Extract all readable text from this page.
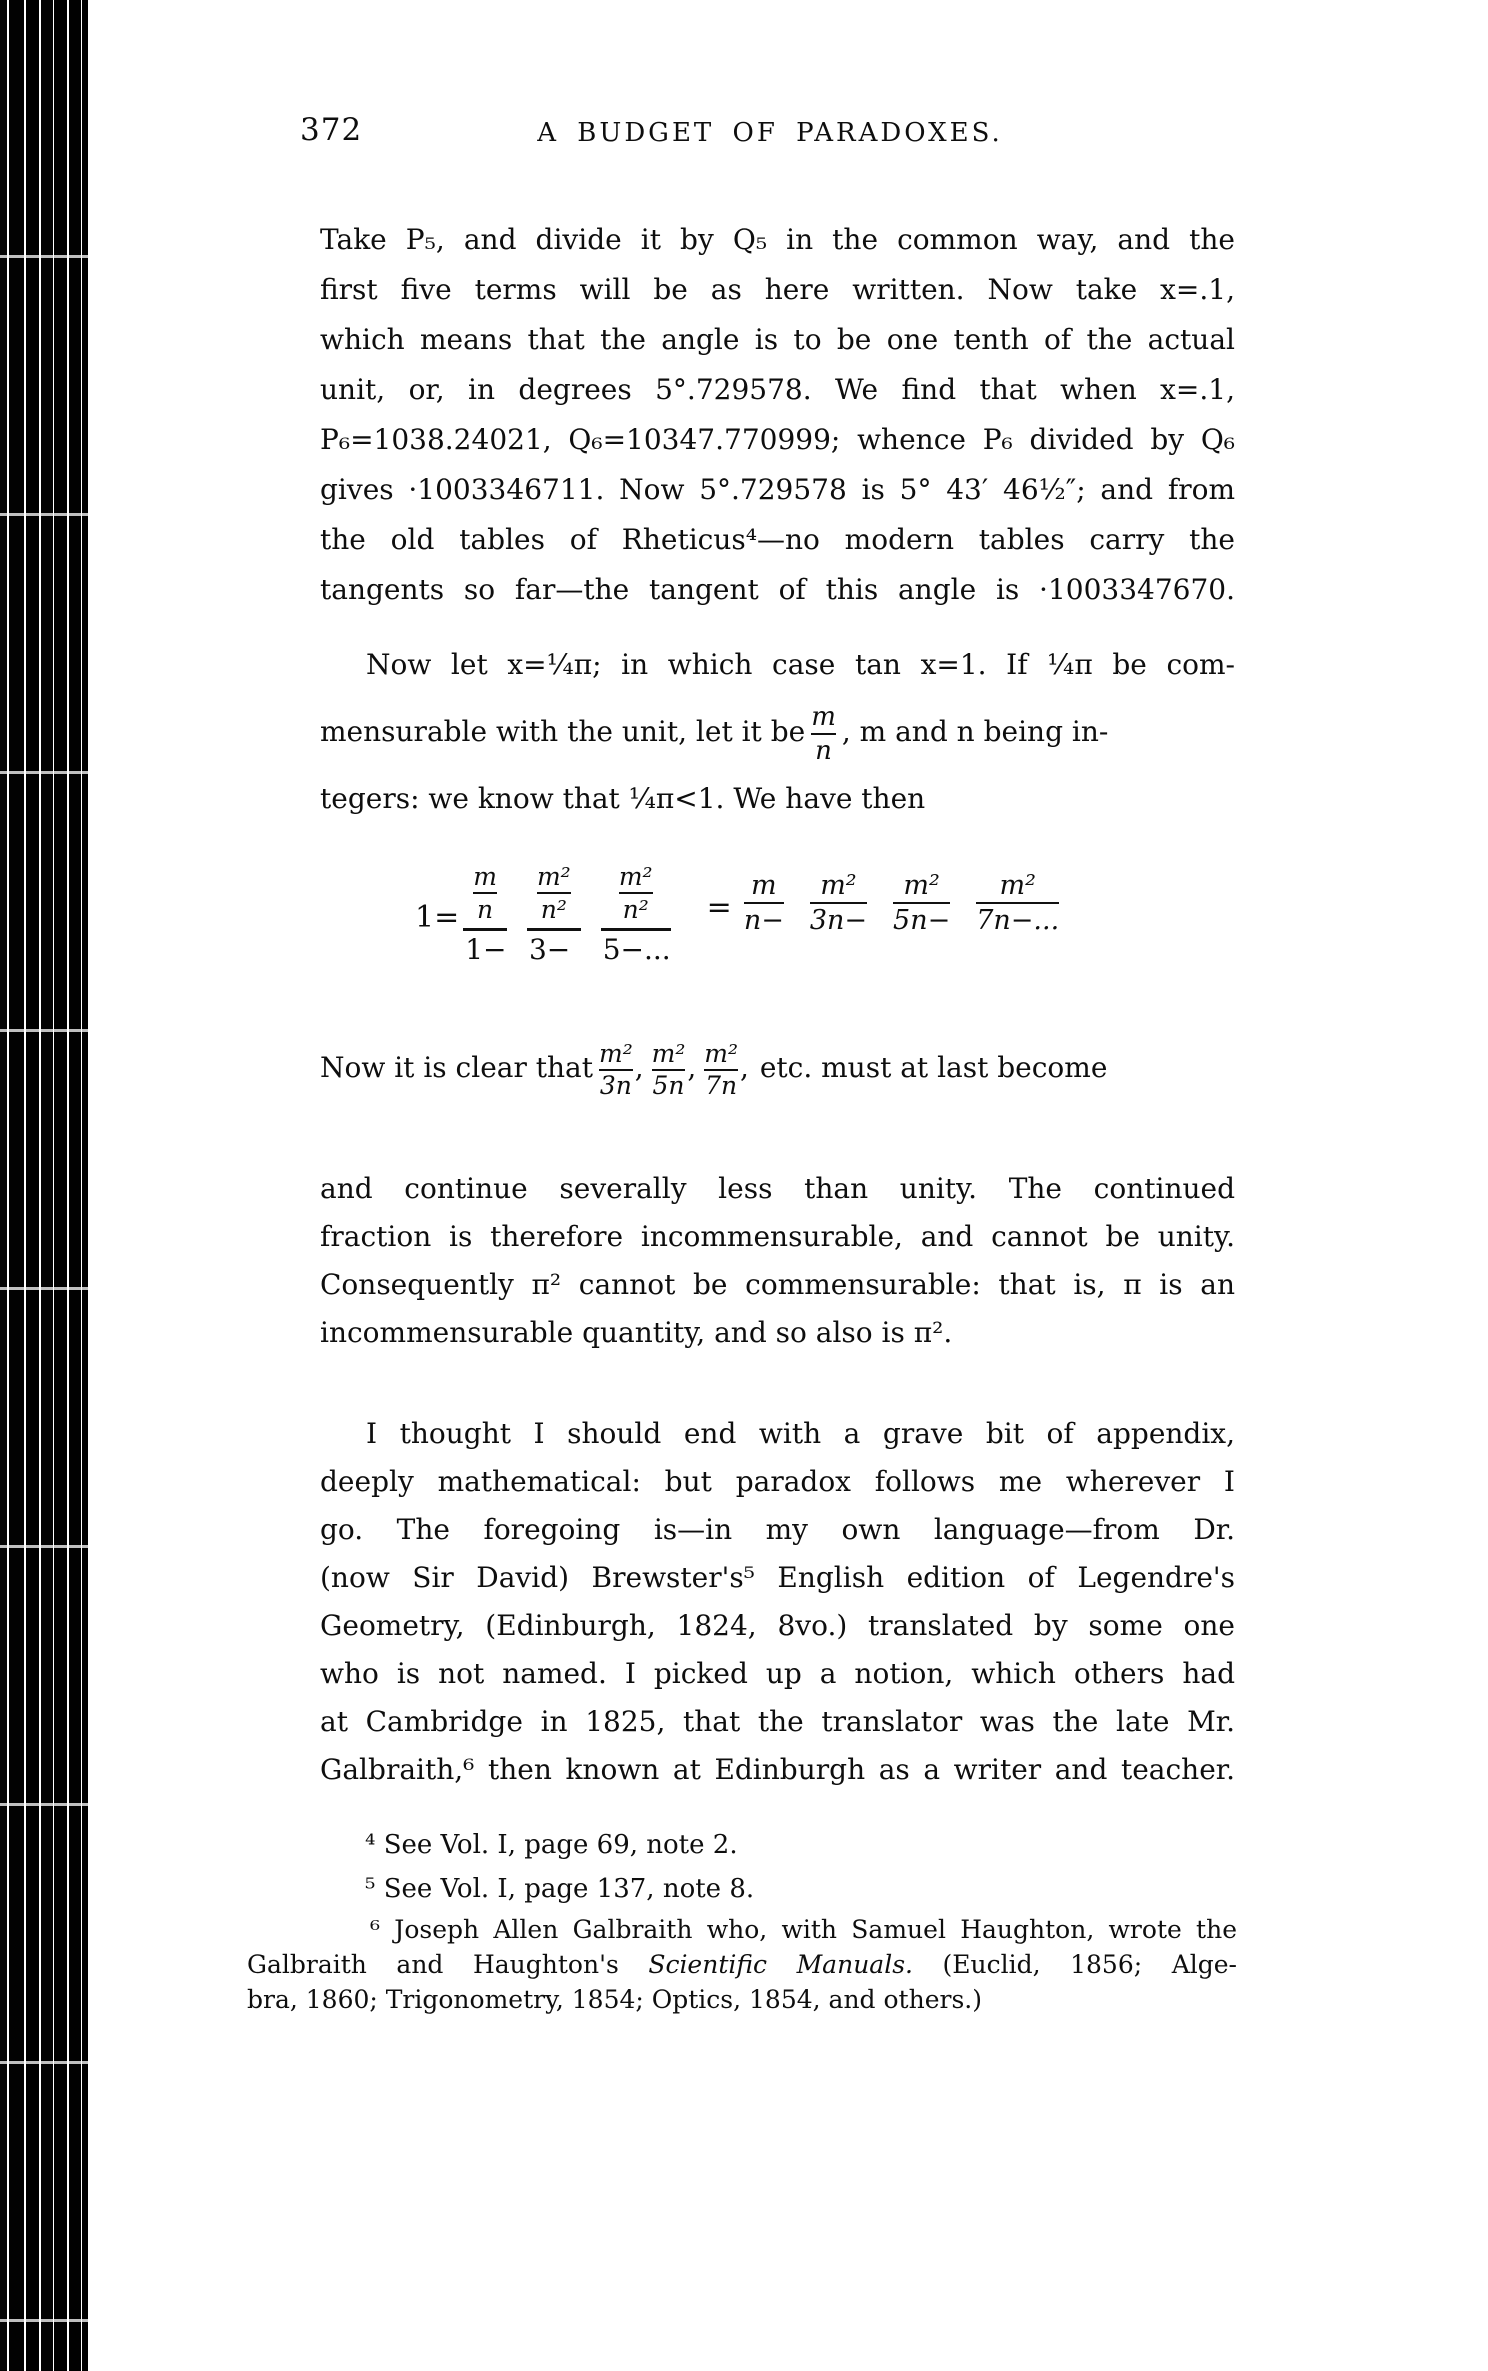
372	A BUDGET OF PARADOXES.
Take P₅, and divide it by Q₅ in the common way, and the
first five terms will be as here written. Now take x=.1,
which means that the angle is to be one tenth of the actual
unit, or, in degrees 5°.729578. We find that when x=.1,
P₆=1038.24021, Q₆=10347.770999; whence P₆ divided by Q₆
gives ·1003346711. Now 5°.729578 is 5° 43′ 46½″; and from
the old tables of Rheticus⁴—no modern tables carry the
tangents so far—the tangent of this angle is ·1003347670.
Now let x=¼π; in which case tan x=1. If ¼π be com-
mensurable with the unit, let it be $\frac{m}{n}$ , m and n being in-
tegers: we know that ¼π<1. We have then
1=
m
n
1−
m²
n²
3−
m²
n²
5−...
= $\frac{m}{n-} \frac{\text{m²}}{3n-} \frac{\text{m²}}{5n-} \frac{\text{m²}}{7n-...}$
Now it is clear that $\frac{\text{m²}}{3n}$ , $\frac{\text{m²}}{5n}$ , $\frac{\text{m²}}{7n}$ , etc. must at last become
and continue severally less than unity. The continued
fraction is therefore incommensurable, and cannot be unity.
Consequently π² cannot be commensurable: that is, π is an
incommensurable quantity, and so also is π².
I thought I should end with a grave bit of appendix,
deeply mathematical: but paradox follows me wherever I
go. The foregoing is—in my own language—from Dr.
(now Sir David) Brewster's⁵ English edition of Legendre's
Geometry, (Edinburgh, 1824, 8vo.) translated by some one
who is not named. I picked up a notion, which others had
at Cambridge in 1825, that the translator was the late Mr.
Galbraith,⁶ then known at Edinburgh as a writer and teacher.
⁴ See Vol. I, page 69, note 2.
⁵ See Vol. I, page 137, note 8.
⁶ Joseph Allen Galbraith who, with Samuel Haughton, wrote the
Galbraith and Haughton's Scientific Manuals. (Euclid, 1856; Alge-
bra, 1860; Trigonometry, 1854; Optics, 1854, and others.)
